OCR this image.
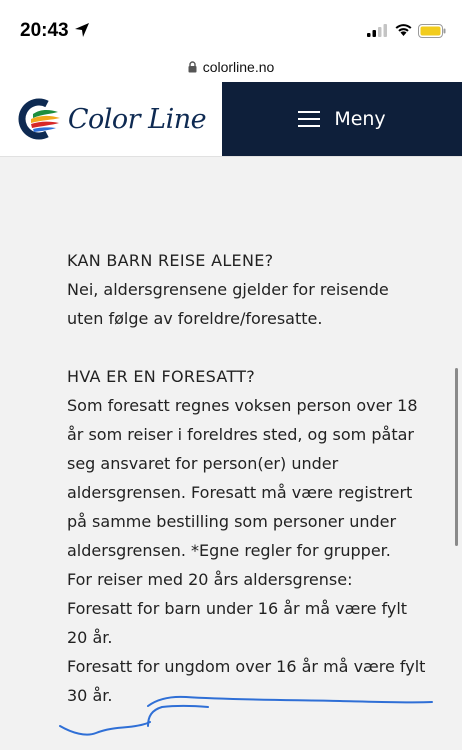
20:43
colorline.no
Color Line	Meny
KAN BARN REISE ALENE?
Nei, aldersgrensene gjelder for reisende
uten følge av foreldre/foresatte.
HVA ER EN FORESATT?
Som foresatt regnes voksen person over 18
år som reiser i foreldres sted, og som påtar
seg ansvaret for person(er) under
aldersgrensen. Foresatt må være registrert
på samme bestilling som personer under
aldersgrensen. *Egne regler for grupper.
For reiser med 20 års aldersgrense:
Foresatt for barn under 16 år må være fylt
20 år.
Foresatt for ungdom over 16 år må være fylt
30 år.
